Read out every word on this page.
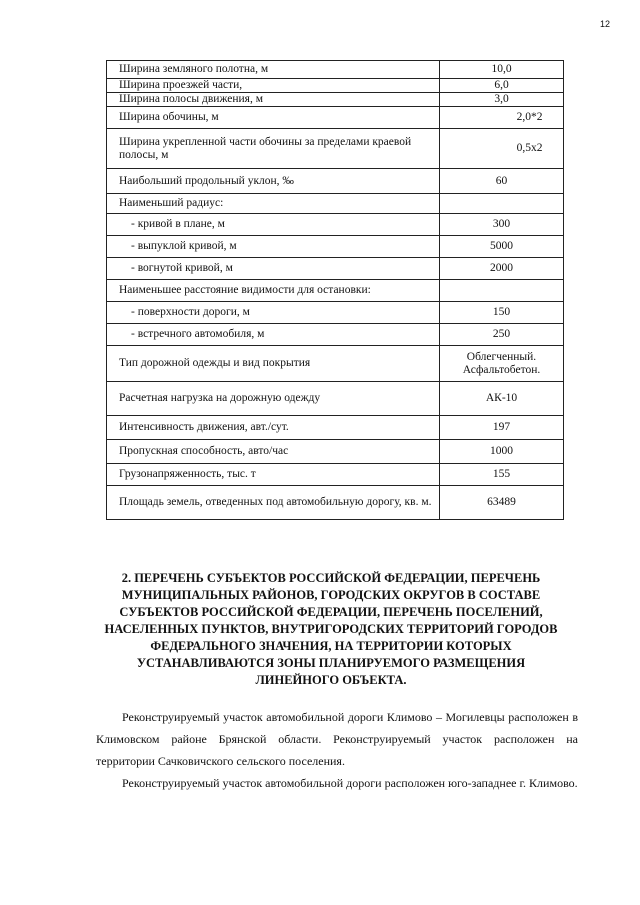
12
Ширина земляного полотна, м	10,0
Ширина проезжей части,	6,0
Ширина полосы движения, м	3,0
Ширина обочины, м	2,0*2
Ширина укрепленной части обочины за пределами краевой полосы, м	0,5х2
Наибольший продольный уклон, ‰	60
Наименьший радиус:	
- кривой в плане, м	300
- выпуклой кривой, м	5000
- вогнутой кривой, м	2000
Наименьшее расстояние видимости для остановки:	
- поверхности дороги, м	150
- встречного автомобиля, м	250
Тип дорожной одежды и вид покрытия	Облегченный. Асфальтобетон.
Расчетная нагрузка на дорожную одежду	АК-10
Интенсивность движения, авт./сут.	197
Пропускная способность, авто/час	1000
Грузонапряженность, тыс. т	155
Площадь земель, отведенных под автомобильную дорогу, кв. м.	63489
2. ПЕРЕЧЕНЬ СУБЪЕКТОВ РОССИЙСКОЙ ФЕДЕРАЦИИ, ПЕРЕЧЕНЬ МУНИЦИПАЛЬНЫХ РАЙОНОВ, ГОРОДСКИХ ОКРУГОВ В СОСТАВЕ СУБЪЕКТОВ РОССИЙСКОЙ ФЕДЕРАЦИИ, ПЕРЕЧЕНЬ ПОСЕЛЕНИЙ, НАСЕЛЕННЫХ ПУНКТОВ, ВНУТРИГОРОДСКИХ ТЕРРИТОРИЙ ГОРОДОВ ФЕДЕРАЛЬНОГО ЗНАЧЕНИЯ, НА ТЕРРИТОРИИ КОТОРЫХ УСТАНАВЛИВАЮТСЯ ЗОНЫ ПЛАНИРУЕМОГО РАЗМЕЩЕНИЯ ЛИНЕЙНОГО ОБЪЕКТА.

Реконструируемый участок автомобильной дороги Климово – Могилевцы расположен в Климовском районе Брянской области. Реконструируемый участок расположен на территории Сачковичского сельского поселения.

Реконструируемый участок автомобильной дороги расположен юго-западнее г. Климово.
